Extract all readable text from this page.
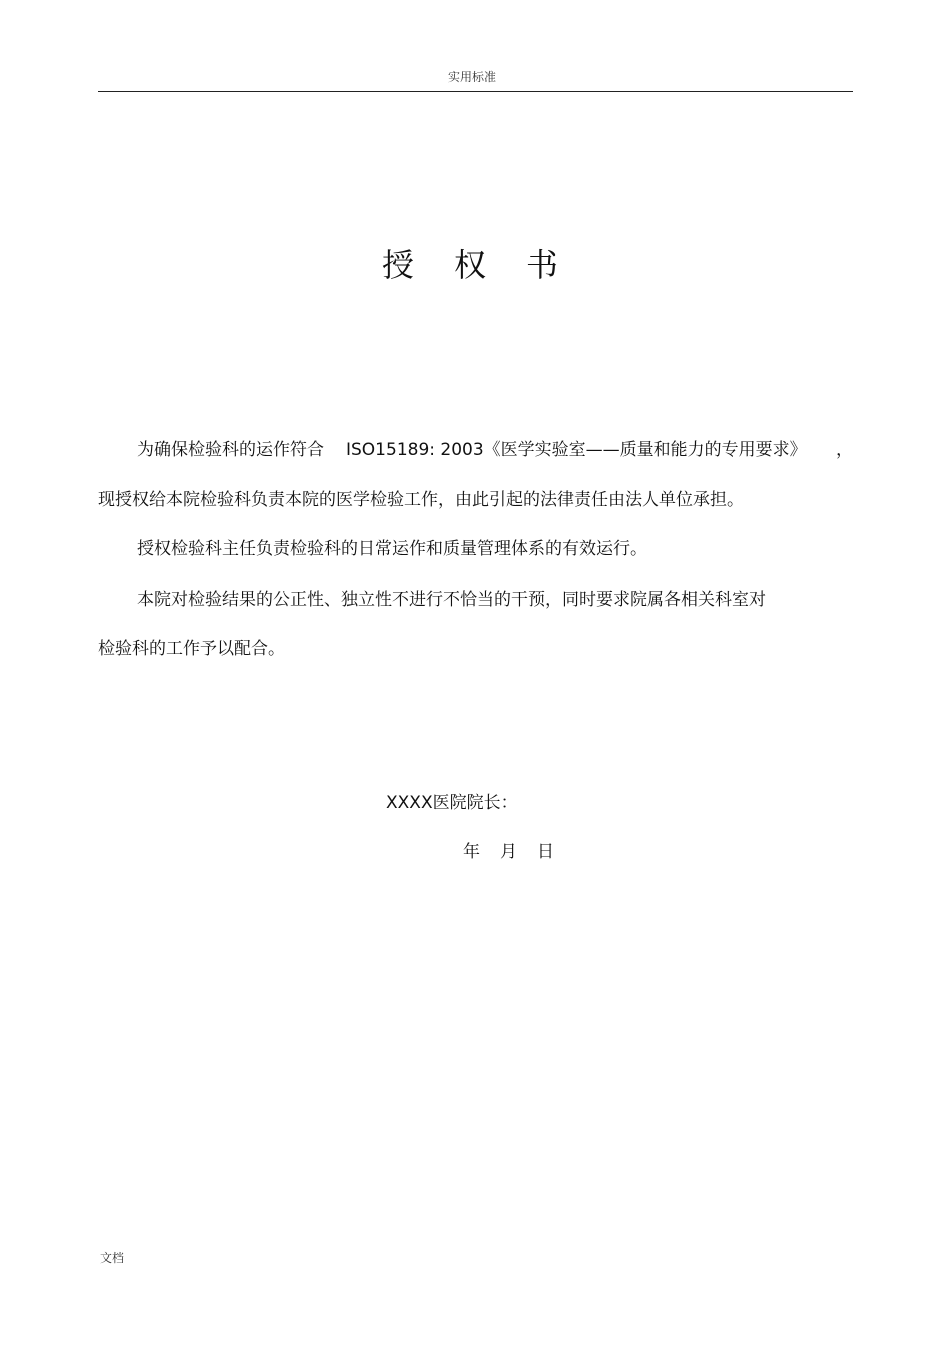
实用标准
授权书
为确保检验科的运作符合 ISO15189: 2003《医学实验室——质量和能力的专用要求》 ，
现授权给本院检验科负责本院的医学检验工作，由此引起的法律责任由法人单位承担。
授权检验科主任负责检验科的日常运作和质量管理体系的有效运行。
本院对检验结果的公正性、独立性不进行不恰当的干预，同时要求院属各相关科室对
检验科的工作予以配合。
XXXX医院院长：
年 月 日
文档
